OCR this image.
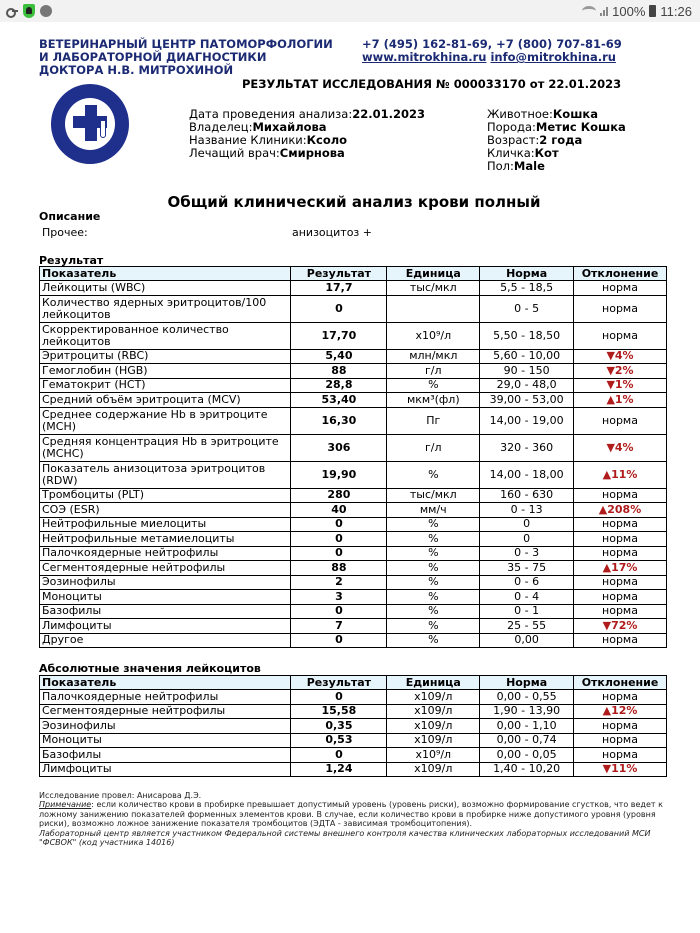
100% 11:26
ВЕТЕРИНАРНЫЙ ЦЕНТР ПАТОМОРФОЛОГИИ
И ЛАБОРАТОРНОЙ ДИАГНОСТИКИ
ДОКТОРА Н.В. МИТРОХИНОЙ
+7 (495) 162-81-69, +7 (800) 707-81-69
www.mitrokhina.ru info@mitrokhina.ru
РЕЗУЛЬТАТ ИССЛЕДОВАНИЯ № 000033170 от 22.01.2023
Дата проведения анализа:22.01.2023
Владелец:Михайлова
Название Клиники:Ксоло
Лечащий врач:Смирнова
Животное:Кошка
Порода:Метис Кошка
Возраст:2 года
Кличка:Кот
Пол:Male
Общий клинический анализ крови полный
Описание
Прочее:	анизоцитоз +
Результат
Показатель	Результат	Единица	Норма	Отклонение
Лейкоциты (WBC)	17,7	тыс/мкл	5,5 - 18,5	норма
Количество ядерных эритроцитов/100 лейкоцитов	0		0 - 5	норма
Скорректированное количество лейкоцитов	17,70	x10⁹/л	5,50 - 18,50	норма
Эритроциты (RBC)	5,40	млн/мкл	5,60 - 10,00	▼4%
Гемоглобин (HGB)	88	г/л	90 - 150	▼2%
Гематокрит (HCT)	28,8	%	29,0 - 48,0	▼1%
Средний объём эритроцита (MCV)	53,40	мкм³(фл)	39,00 - 53,00	▲1%
Среднее содержание Hb в эритроците (MCH)	16,30	Пг	14,00 - 19,00	норма
Средняя концентрация Hb в эритроците (MCHC)	306	г/л	320 - 360	▼4%
Показатель анизоцитоза эритроцитов (RDW)	19,90	%	14,00 - 18,00	▲11%
Тромбоциты (PLT)	280	тыс/мкл	160 - 630	норма
СОЭ (ESR)	40	мм/ч	0 - 13	▲208%
Нейтрофильные миелоциты	0	%	0	норма
Нейтрофильные метамиелоциты	0	%	0	норма
Палочкоядерные нейтрофилы	0	%	0 - 3	норма
Сегментоядерные нейтрофилы	88	%	35 - 75	▲17%
Эозинофилы	2	%	0 - 6	норма
Моноциты	3	%	0 - 4	норма
Базофилы	0	%	0 - 1	норма
Лимфоциты	7	%	25 - 55	▼72%
Другое	0	%	0,00	норма
Абсолютные значения лейкоцитов
Показатель	Результат	Единица	Норма	Отклонение
Палочкоядерные нейтрофилы	0	x109/л	0,00 - 0,55	норма
Сегментоядерные нейтрофилы	15,58	x109/л	1,90 - 13,90	▲12%
Эозинофилы	0,35	x109/л	0,00 - 1,10	норма
Моноциты	0,53	x109/л	0,00 - 0,74	норма
Базофилы	0	x10⁹/л	0,00 - 0,05	норма
Лимфоциты	1,24	x109/л	1,40 - 10,20	▼11%
Исследование провел: Анисарова Д.Э.
Примечание: если количество крови в пробирке превышает допустимый уровень (уровень риски), возможно формирование сгустков, что ведет к ложному занижению показателей форменных элементов крови. В случае, если количество крови в пробирке ниже допустимого уровня (уровня риски), возможно ложное занижение показателя тромбоцитов (ЭДТА - зависимая тромбоцитопения).
Лабораторный центр является участником Федеральной системы внешнего контроля качества клинических лабораторных исследований МСИ "ФСВОК" (код участника 14016)
